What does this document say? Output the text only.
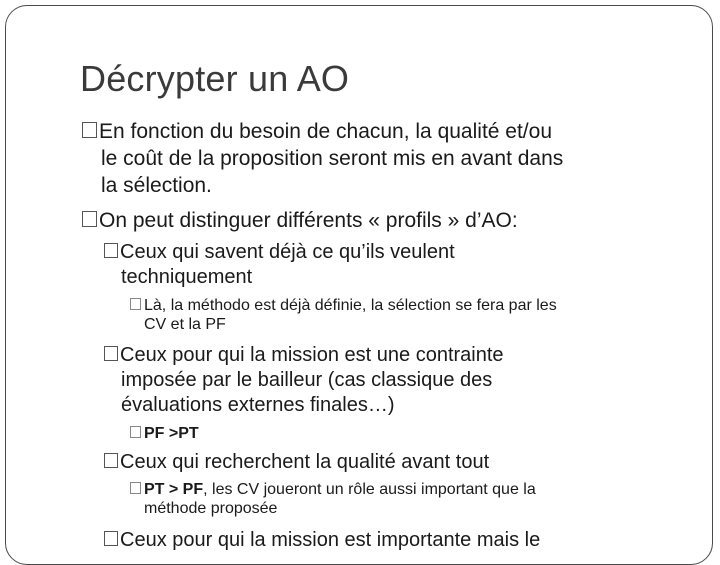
Décrypter un AO
En fonction du besoin de chacun, la qualité et/ou
le coût de la proposition seront mis en avant dans
la sélection.
On peut distinguer différents « profils » d’AO:
Ceux qui savent déjà ce qu’ils veulent
techniquement
Là, la méthodo est déjà définie, la sélection se fera par les
CV et la PF
Ceux pour qui la mission est une contrainte
imposée par le bailleur (cas classique des
évaluations externes finales…)
PF >PT
Ceux qui recherchent la qualité avant tout
PT > PF, les CV joueront un rôle aussi important que la
méthode proposée
Ceux pour qui la mission est importante mais le
